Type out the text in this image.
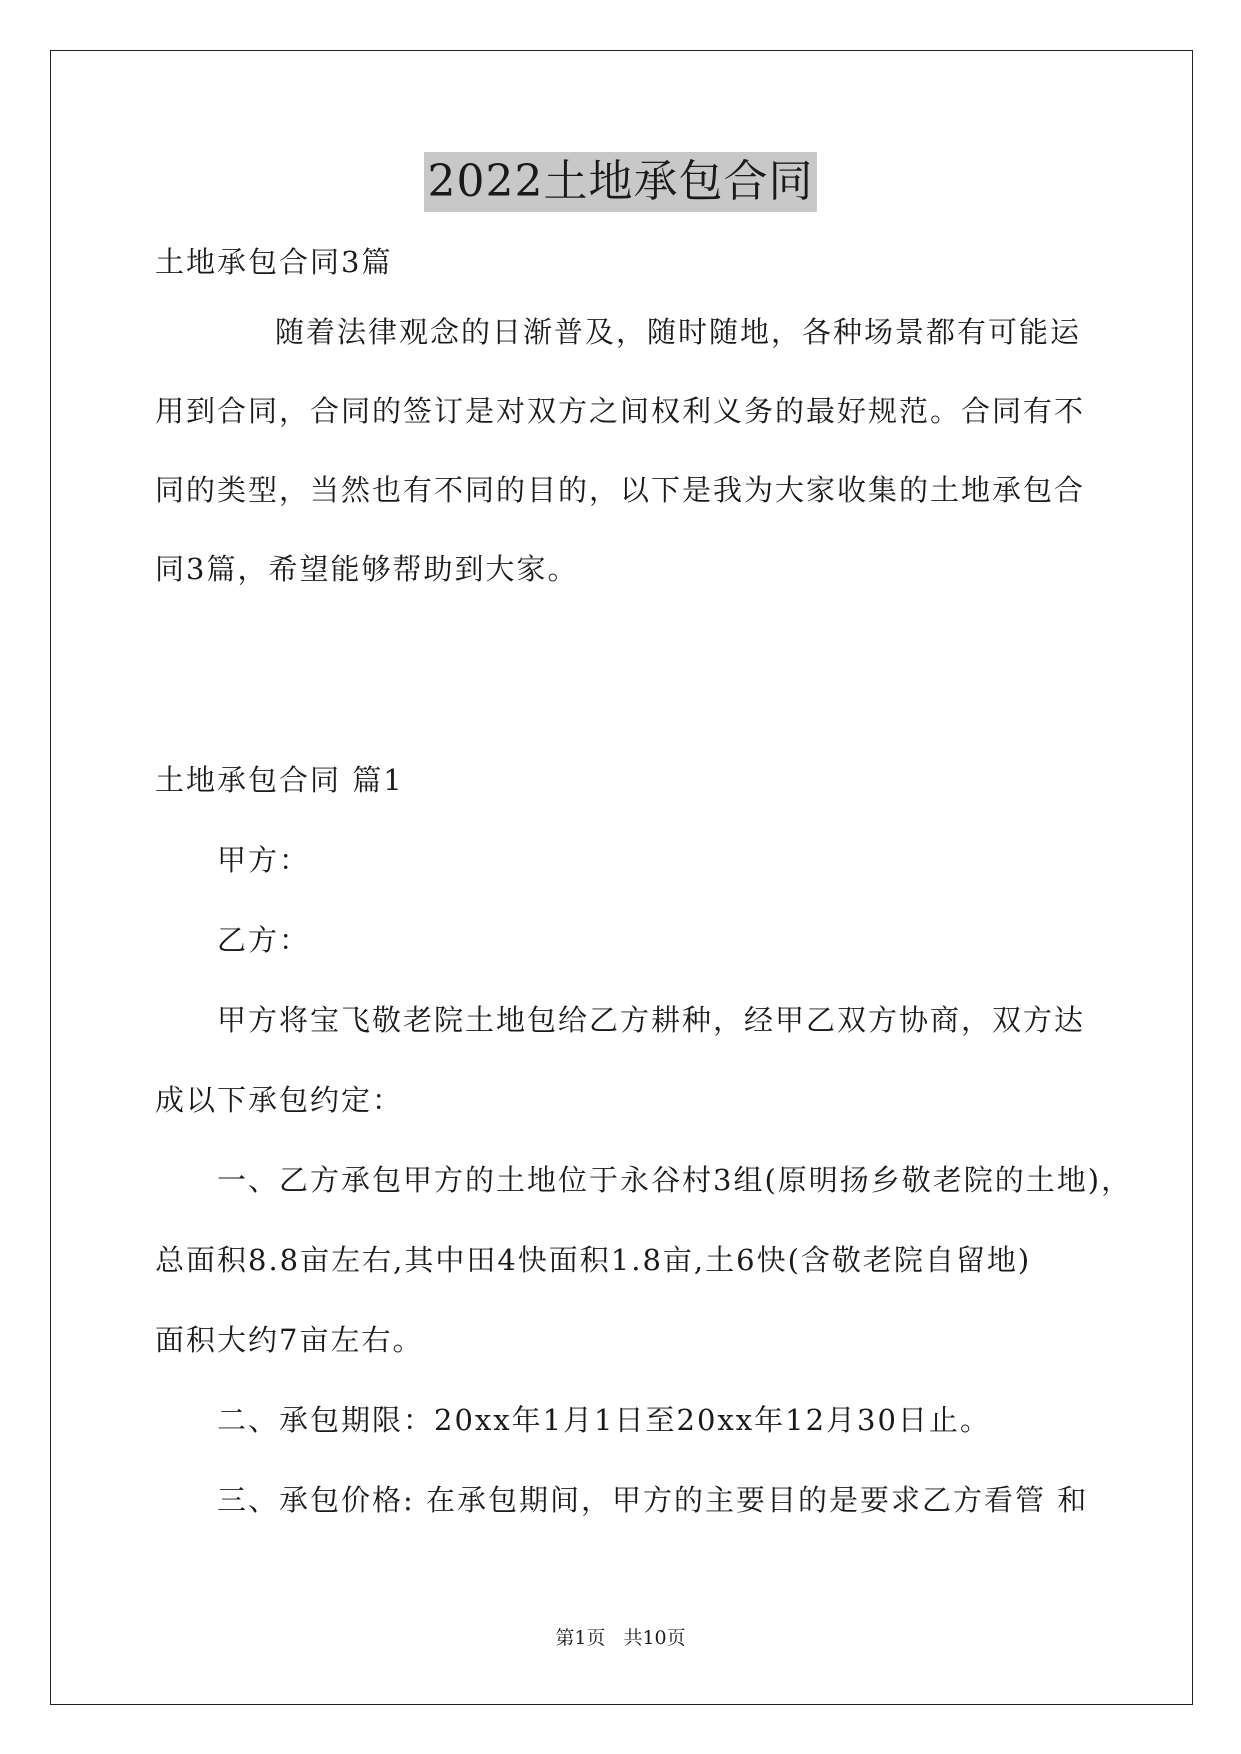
2022土地承包合同
土地承包合同3篇
随着法律观念的日渐普及，随时随地，各种场景都有可能运
用到合同，合同的签订是对双方之间权利义务的最好规范。合同有不
同的类型，当然也有不同的目的，以下是我为大家收集的土地承包合
同3篇，希望能够帮助到大家。
土地承包合同 篇1
甲方：
乙方：
甲方将宝飞敬老院土地包给乙方耕种，经甲乙双方协商，双方达
成以下承包约定：
一、乙方承包甲方的土地位于永谷村3组(原明扬乡敬老院的土地)，
总面积8.8亩左右,其中田4快面积1.8亩,土6快(含敬老院自留地)
面积大约7亩左右。
二、承包期限：20xx年1月1日至20xx年12月30日止。
三、承包价格: 在承包期间，甲方的主要目的是要求乙方看管 和
第1页 共10页
